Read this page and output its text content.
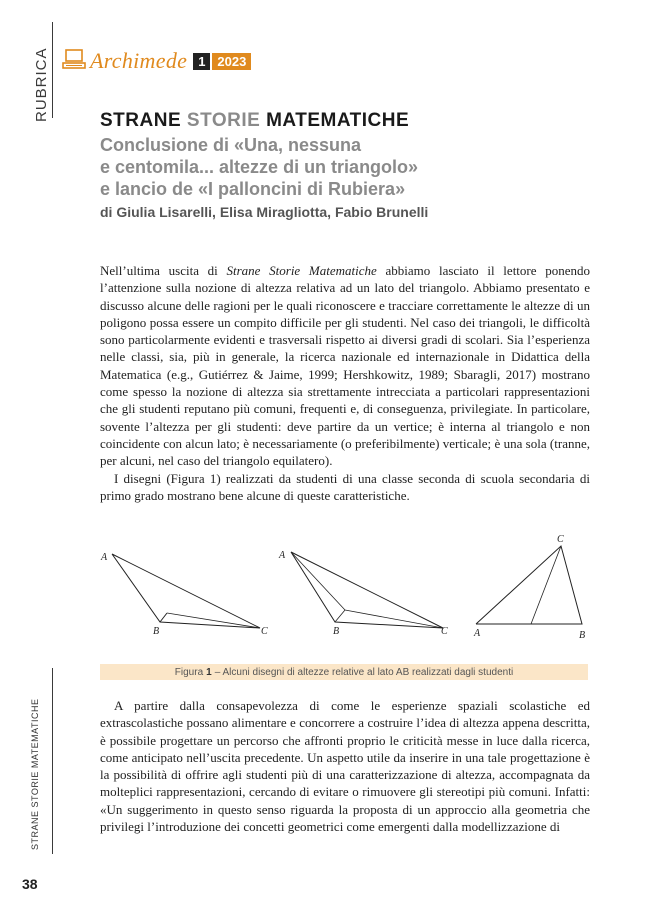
RUBRICA Archimede 1 2023
STRANE STORIE MATEMATICHE
Conclusione di «Una, nessuna
e centomila... altezze di un triangolo»
e lancio de «I palloncini di Rubiera»
di Giulia Lisarelli, Elisa Miragliotta, Fabio Brunelli

Nell’ultima uscita di Strane Storie Matematiche abbiamo lasciato il lettore ponendo l’attenzione sulla nozione di altezza relativa ad un lato del triangolo. Abbiamo presentato e discusso alcune delle ragioni per le quali riconoscere e tracciare correttamente le altezze di un poligono possa essere un compito difficile per gli studenti. Nel caso dei triangoli, le difficoltà sono particolarmente evidenti e trasversali rispetto ai diversi gradi di scolari. Sia l’esperienza nelle classi, sia, più in generale, la ricerca nazionale ed internazionale in Didattica della Matematica (e.g., Gutiérrez & Jaime, 1999; Hershkowitz, 1989; Sbaragli, 2017) mostrano come spesso la nozione di altezza sia strettamente intrecciata a particolari rappresentazioni che gli studenti reputano più comuni, frequenti e, di conseguenza, privilegiate. In particolare, sovente l’altezza per gli studenti: deve partire da un vertice; è interna al triangolo e non coincidente con alcun lato; è necessariamente (o preferibilmente) verticale; è una sola (tranne, per alcuni, nel caso del triangolo equilatero).

I disegni (Figura 1) realizzati da studenti di una classe seconda di scuola secondaria di primo grado mostrano bene alcune di queste caratteristiche.

A
B	C
A
B	C
C
A	B
Figura 1 – Alcuni disegni di altezze relative al lato AB realizzati dagli studenti

A partire dalla consapevolezza di come le esperienze spaziali scolastiche ed extrascolastiche possano alimentare e concorrere a costruire l’idea di altezza appena descritta, è possibile progettare un percorso che affronti proprio le criticità messe in luce dalla ricerca, come anticipato nell’uscita precedente. Un aspetto utile da inserire in una tale progettazione è la possibilità di offrire agli studenti più di una caratterizzazione di altezza, accompagnata da molteplici rappresentazioni, cercando di evitare o rimuovere gli stereotipi più comuni. Infatti: «Un suggerimento in questo senso riguarda la proposta di un approccio alla geometria che privilegi l’introduzione dei concetti geometrici come emergenti dalla modellizzazione di

STRANE STORIE MATEMATICHE
38
